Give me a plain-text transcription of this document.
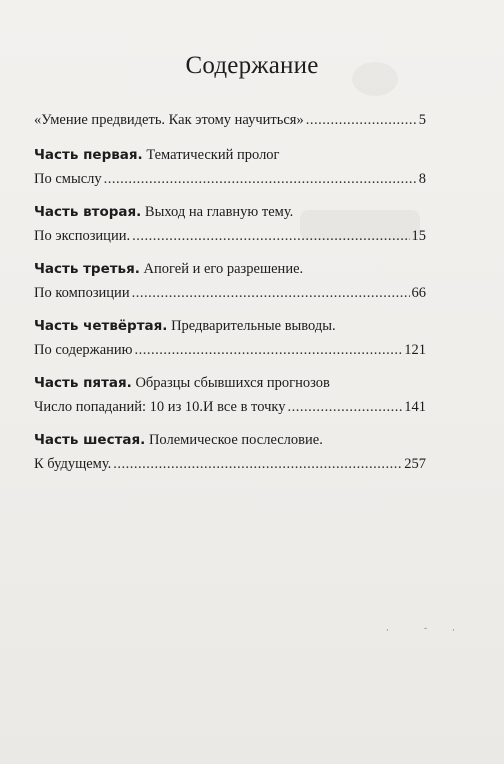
Содержание
«Умение предвидеть. Как этому научиться» .....	5
Часть первая.
Тематический пролог
По смыслу .....	8
Часть вторая.
Выход на главную тему.
По экспозиции. .....	15
Часть третья.
Апогей и его разрешение.
По композиции .....	66
Часть четвёртая.
Предварительные выводы.
По содержанию .....	121
Часть пятая.
Образцы сбывшихся прогнозов
Число попаданий: 10 из 10.И все в точку .....	141
Часть шестая.
Полемическое послесловие.
К будущему. .....	257
·	-	·
